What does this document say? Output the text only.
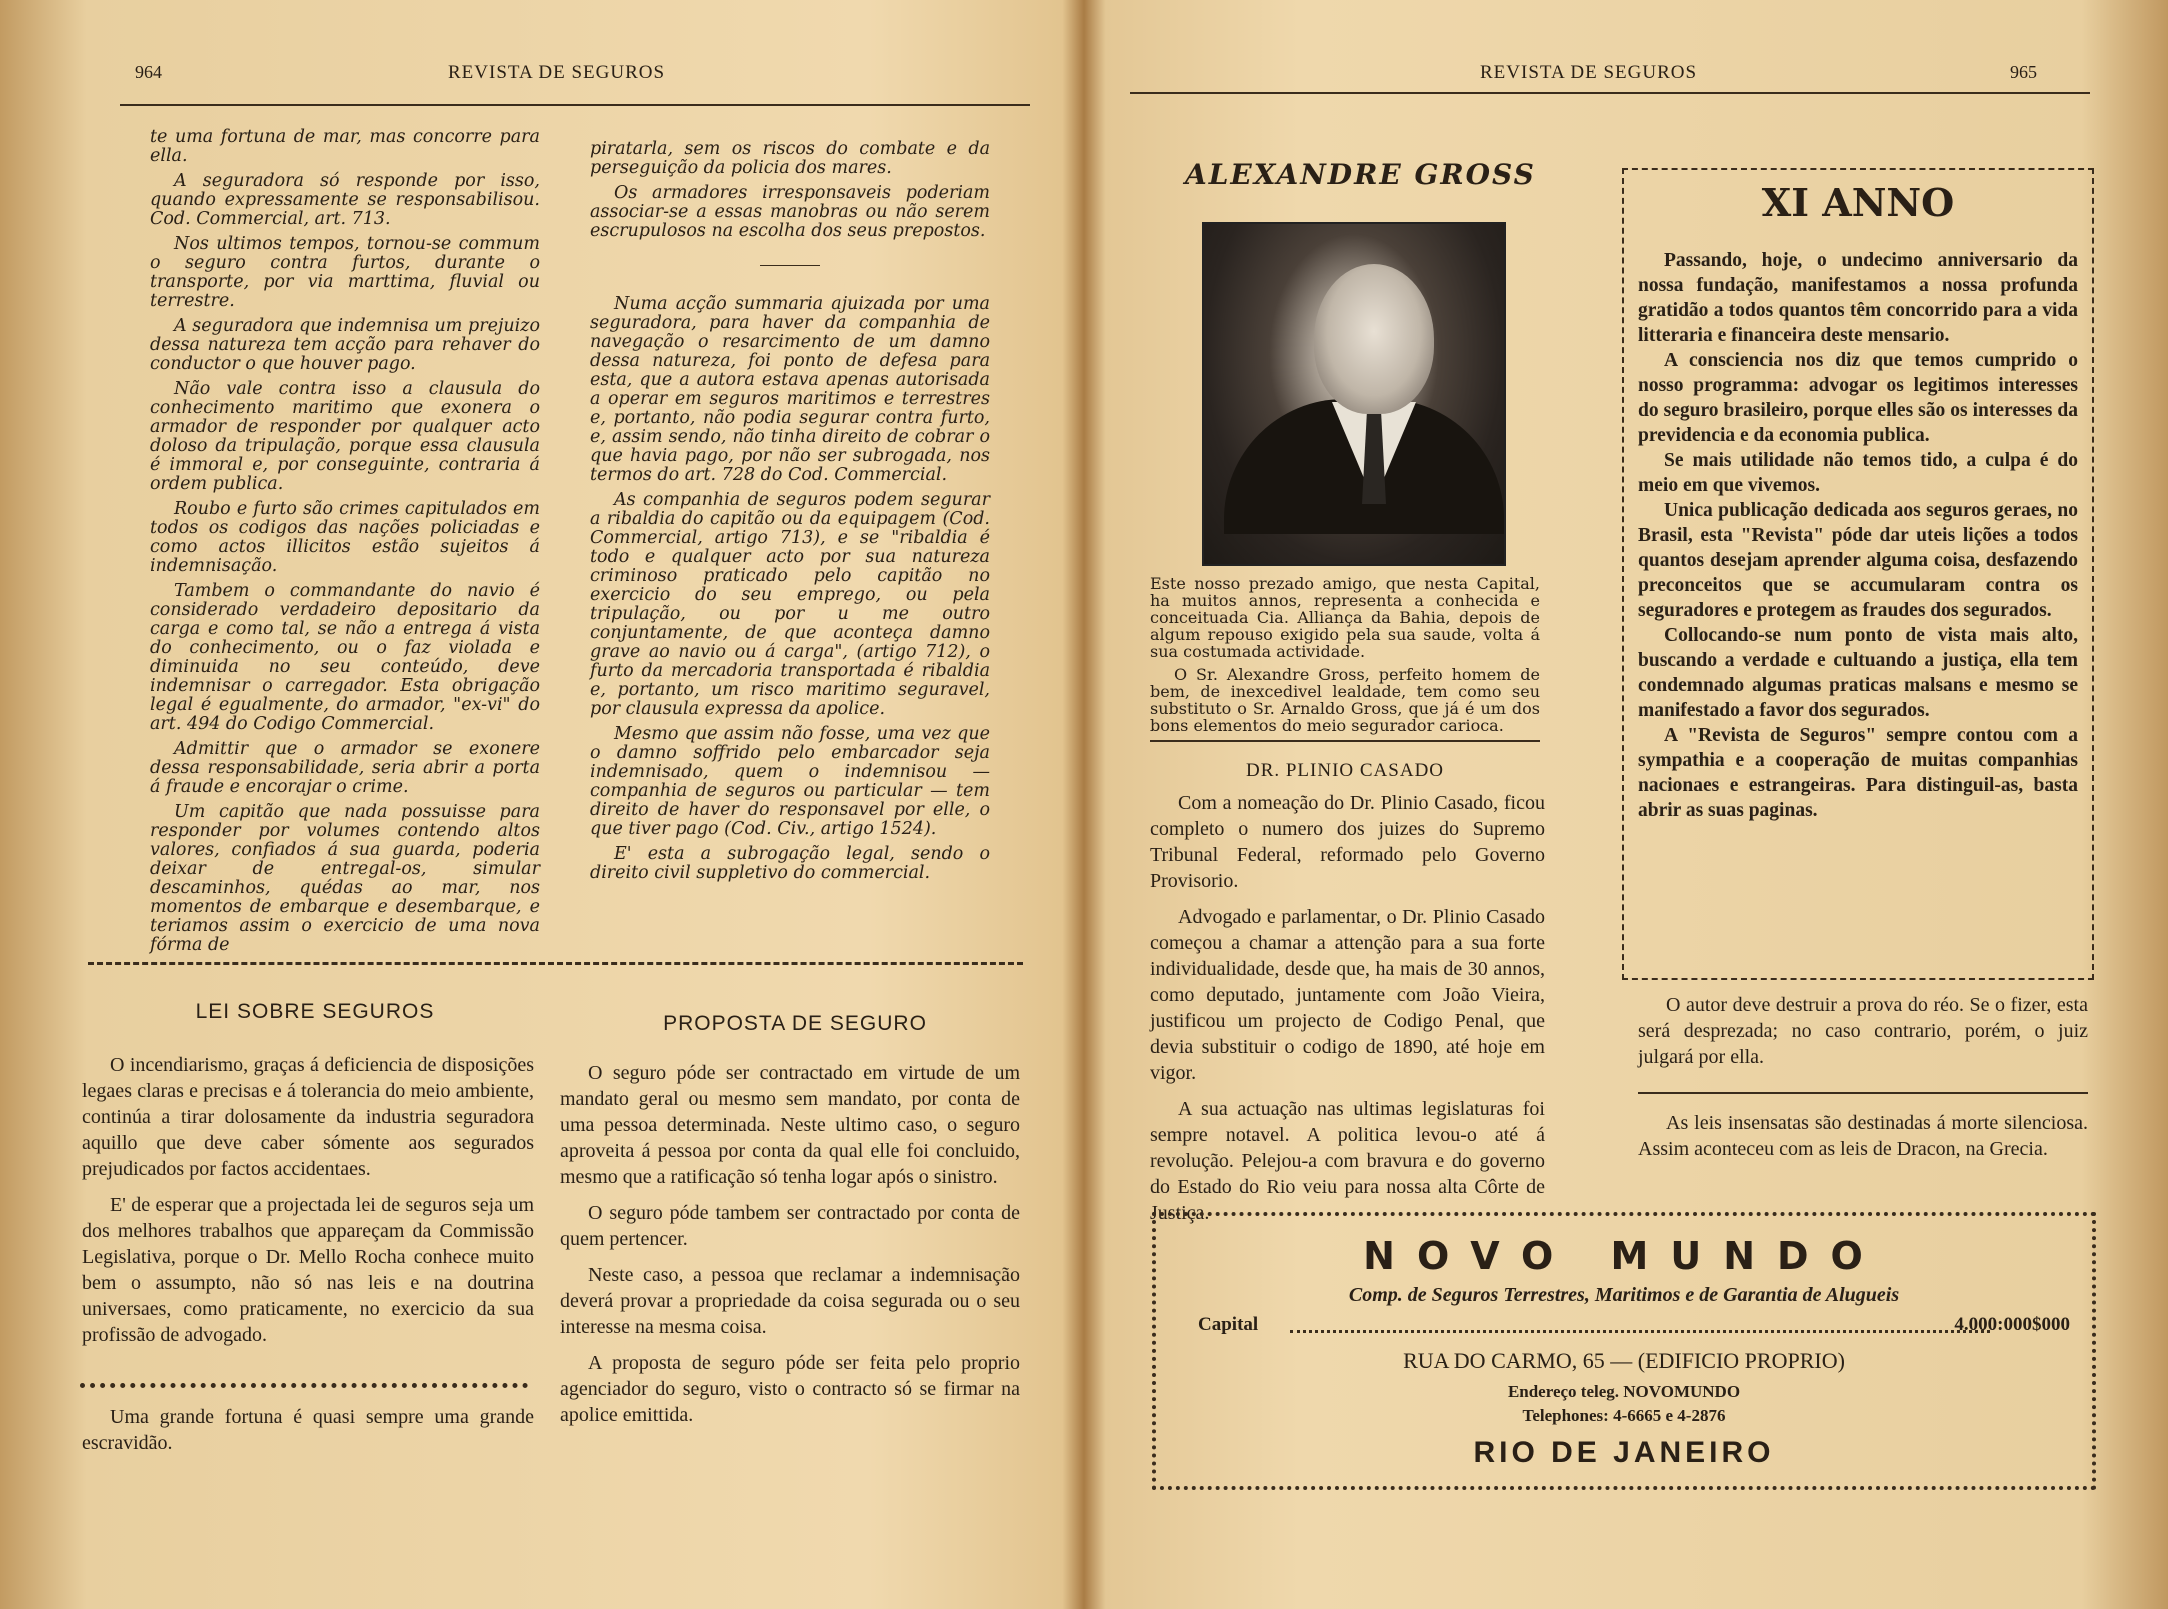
964	REVISTA DE SEGUROS

te uma fortuna de mar, mas concorre para ella.

A seguradora só responde por isso, quando expressamente se responsabilisou. Cod. Commercial, art. 713.

Nos ultimos tempos, tornou-se commum o seguro contra furtos, durante o transporte, por via marttima, fluvial ou terrestre.

A seguradora que indemnisa um prejuizo dessa natureza tem acção para rehaver do conductor o que houver pago.

Não vale contra isso a clausula do conhecimento maritimo que exonera o armador de responder por qualquer acto doloso da tripulação, porque essa clausula é immoral e, por conseguinte, contraria á ordem publica.

Roubo e furto são crimes capitulados em todos os codigos das nações policiadas e como actos illicitos estão sujeitos á indemnisação.

Tambem o commandante do navio é considerado verdadeiro depositario da carga e como tal, se não a entrega á vista do conhecimento, ou o faz violada e diminuida no seu conteúdo, deve indemnisar o carregador. Esta obrigação legal é egualmente, do armador, "ex-vi" do art. 494 do Codigo Commercial.

Admittir que o armador se exonere dessa responsabilidade, seria abrir a porta á fraude e encorajar o crime.

Um capitão que nada possuisse para responder por volumes contendo altos valores, confiados á sua guarda, poderia deixar de entregal-os, simular descaminhos, quédas ao mar, nos momentos de embarque e desembarque, e teriamos assim o exercicio de uma nova fórma de

piratarla, sem os riscos do combate e da perseguição da policia dos mares.

Os armadores irresponsaveis poderiam associar-se a essas manobras ou não serem escrupulosos na escolha dos seus prepostos.

Numa acção summaria ajuizada por uma seguradora, para haver da companhia de navegação o resarcimento de um damno dessa natureza, foi ponto de defesa para esta, que a autora estava apenas autorisada a operar em seguros maritimos e terrestres e, portanto, não podia segurar contra furto, e, assim sendo, não tinha direito de cobrar o que havia pago, por não ser subrogada, nos termos do art. 728 do Cod. Commercial.

As companhia de seguros podem segurar a ribaldia do capitão ou da equipagem (Cod. Commercial, artigo 713), e se "ribaldia é todo e qualquer acto por sua natureza criminoso praticado pelo capitão no exercicio do seu emprego, ou pela tripulação, ou por u me outro conjuntamente, de que aconteça damno grave ao navio ou á carga", (artigo 712), o furto da mercadoria transportada é ribaldia e, portanto, um risco maritimo seguravel, por clausula expressa da apolice.

Mesmo que assim não fosse, uma vez que o damno soffrido pelo embarcador seja indemnisado, quem o indemnisou — companhia de seguros ou particular — tem direito de haver do responsavel por elle, o que tiver pago (Cod. Civ., artigo 1524).

E' esta a subrogação legal, sendo o direito civil suppletivo do commercial.

LEI SOBRE SEGUROS

O incendiarismo, graças á deficiencia de disposições legaes claras e precisas e á tolerancia do meio ambiente, continúa a tirar dolosamente da industria seguradora aquillo que deve caber sómente aos segurados prejudicados por factos accidentaes.

E' de esperar que a projectada lei de seguros seja um dos melhores trabalhos que appareçam da Commissão Legislativa, porque o Dr. Mello Rocha conhece muito bem o assumpto, não só nas leis e na doutrina universaes, como praticamente, no exercicio da sua profissão de advogado.

Uma grande fortuna é quasi sempre uma grande escravidão.

PROPOSTA DE SEGURO

O seguro póde ser contractado em virtude de um mandato geral ou mesmo sem mandato, por conta de uma pessoa determinada. Neste ultimo caso, o seguro aproveita á pessoa por conta da qual elle foi concluido, mesmo que a ratificação só tenha logar após o sinistro.

O seguro póde tambem ser contractado por conta de quem pertencer.

Neste caso, a pessoa que reclamar a indemnisação deverá provar a propriedade da coisa segurada ou o seu interesse na mesma coisa.

A proposta de seguro póde ser feita pelo proprio agenciador do seguro, visto o contracto só se firmar na apolice emittida.

REVISTA DE SEGUROS	965
ALEXANDRE GROSS

Este nosso prezado amigo, que nesta Capital, ha muitos annos, representa a conhecida e conceituada Cia. Alliança da Bahia, depois de algum repouso exigido pela sua saude, volta á sua costumada actividade.

O Sr. Alexandre Gross, perfeito homem de bem, de inexcedivel lealdade, tem como seu substituto o Sr. Arnaldo Gross, que já é um dos bons elementos do meio segurador carioca.

DR. PLINIO CASADO

Com a nomeação do Dr. Plinio Casado, ficou completo o numero dos juizes do Supremo Tribunal Federal, reformado pelo Governo Provisorio.

Advogado e parlamentar, o Dr. Plinio Casado começou a chamar a attenção para a sua forte individualidade, desde que, ha mais de 30 annos, como deputado, juntamente com João Vieira, justificou um projecto de Codigo Penal, que devia substituir o codigo de 1890, até hoje em vigor.

A sua actuação nas ultimas legislaturas foi sempre notavel. A politica levou-o até á revolução. Pelejou-a com bravura e do governo do Estado do Rio veiu para nossa alta Côrte de Justiça.

XI ANNO

Passando, hoje, o undecimo anniversario da nossa fundação, manifestamos a nossa profunda gratidão a todos quantos têm concorrido para a vida litteraria e financeira deste mensario.

A consciencia nos diz que temos cumprido o nosso programma: advogar os legitimos interesses do seguro brasileiro, porque elles são os interesses da previdencia e da economia publica.

Se mais utilidade não temos tido, a culpa é do meio em que vivemos.

Unica publicação dedicada aos seguros geraes, no Brasil, esta "Revista" póde dar uteis lições a todos quantos desejam aprender alguma coisa, desfazendo preconceitos que se accumularam contra os seguradores e protegem as fraudes dos segurados.

Collocando-se num ponto de vista mais alto, buscando a verdade e cultuando a justiça, ella tem condemnado algumas praticas malsans e mesmo se manifestado a favor dos segurados.

A "Revista de Seguros" sempre contou com a sympathia e a cooperação de muitas companhias nacionaes e estrangeiras. Para distinguil-as, basta abrir as suas paginas.

O autor deve destruir a prova do réo. Se o fizer, esta será desprezada; no caso contrario, porém, o juiz julgará por ella.

As leis insensatas são destinadas á morte silenciosa. Assim aconteceu com as leis de Dracon, na Grecia.

NOVO MUNDO
Comp. de Seguros Terrestres, Maritimos e de Garantia de Alugueis
Capital	4.000:000$000
RUA DO CARMO, 65 — (EDIFICIO PROPRIO)
Endereço teleg. NOVOMUNDO
Telephones: 4-6665 e 4-2876
RIO DE JANEIRO
